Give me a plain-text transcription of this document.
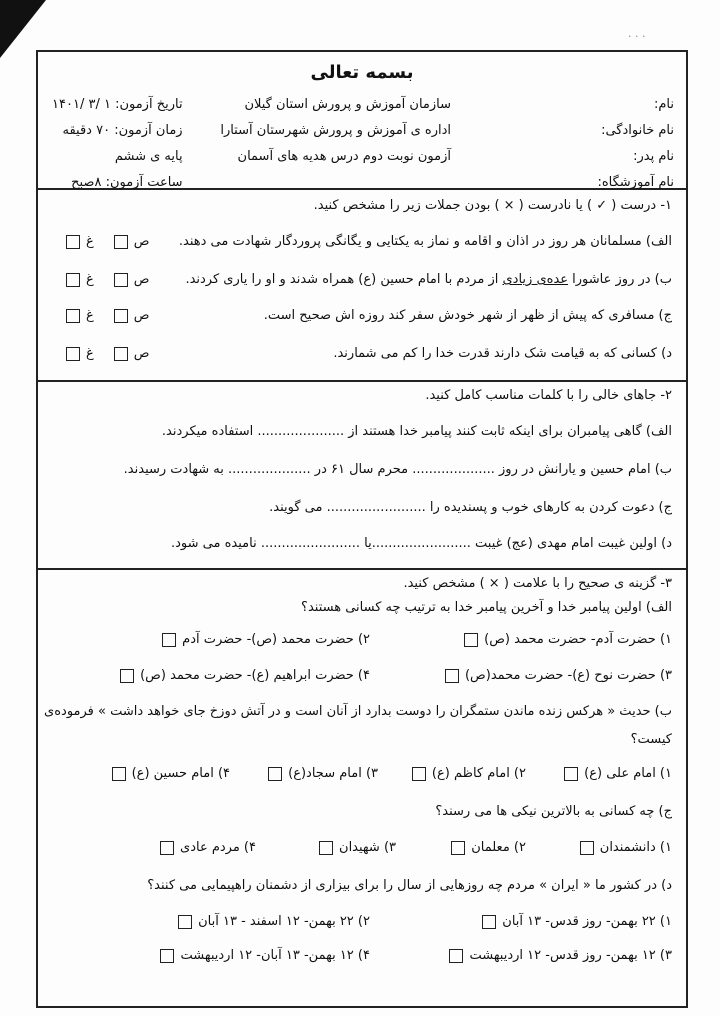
· · ·
بسمه تعالی
نام:
نام خانوادگی:
نام پدر:
نام آموزشگاه:
سازمان آموزش و پرورش استان گیلان
اداره ی آموزش و پرورش شهرستان آستارا
آزمون نوبت دوم درس هدیه های آسمان
تاریخ آزمون: ۱ /۳ /۱۴۰۱
زمان آزمون: ۷۰ دقیقه
پایه ی ششم
ساعت آزمون: ۸صبح
۱- درست ( ✓ ) یا نادرست ( × ) بودن جملات زیر را مشخص کنید.
الف) مسلمانان هر روز در اذان و اقامه و نماز به یکتایی و یگانگی پروردگار شهادت می دهند.
ص
غ
ب) در روز عاشورا عده‌ی زیادی از مردم با امام حسین (ع) همراه شدند و او را یاری کردند.
ص
غ
ج) مسافری که پیش از ظهر از شهر خودش سفر کند روزه اش صحیح است.
ص
غ
د) کسانی که به قیامت شک دارند قدرت خدا را کم می شمارند.
ص
غ
۲- جاهای خالی را با کلمات مناسب کامل کنید.
الف) گاهی پیامبران برای اینکه ثابت کنند پیامبر خدا هستند از ..................... استفاده میکردند.
ب) امام حسین و یارانش در روز .................... محرم سال ۶۱ در .................... به شهادت رسیدند.
ج) دعوت کردن به کارهای خوب و پسندیده را ........................ می گویند.
د) اولین غیبت امام مهدی (عج) غیبت ........................یا ........................ نامیده می شود.
۳- گزینه ی صحیح را با علامت ( × ) مشخص کنید.
الف) اولین پیامبر خدا و آخرین پیامبر خدا به ترتیب چه کسانی هستند؟
۱) حضرت آدم- حضرت محمد (ص)
۲) حضرت محمد (ص)- حضرت آدم
۳) حضرت نوح (ع)- حضرت محمد(ص)
۴) حضرت ابراهیم (ع)- حضرت محمد (ص)
ب) حدیث « هرکس زنده ماندن ستمگران را دوست بدارد از آنان است و در آتش دوزخ جای خواهد داشت » فرموده‌ی
کیست؟
۱) امام علی (ع)
۲) امام کاظم (ع)
۳) امام سجاد(ع)
۴) امام حسین (ع)
ج) چه کسانی به بالاترین نیکی ها می رسند؟
۱) دانشمندان
۲) معلمان
۳) شهیدان
۴) مردم عادی
د) در کشور ما « ایران » مردم چه روزهایی از سال را برای بیزاری از دشمنان راهپیمایی می کنند؟
۱) ۲۲ بهمن- روز قدس- ۱۳ آبان
۲) ۲۲ بهمن- ۱۲ اسفند - ۱۳ آبان
۳) ۱۲ بهمن- روز قدس- ۱۲ اردیبهشت
۴) ۱۲ بهمن- ۱۳ آبان- ۱۲ اردیبهشت
